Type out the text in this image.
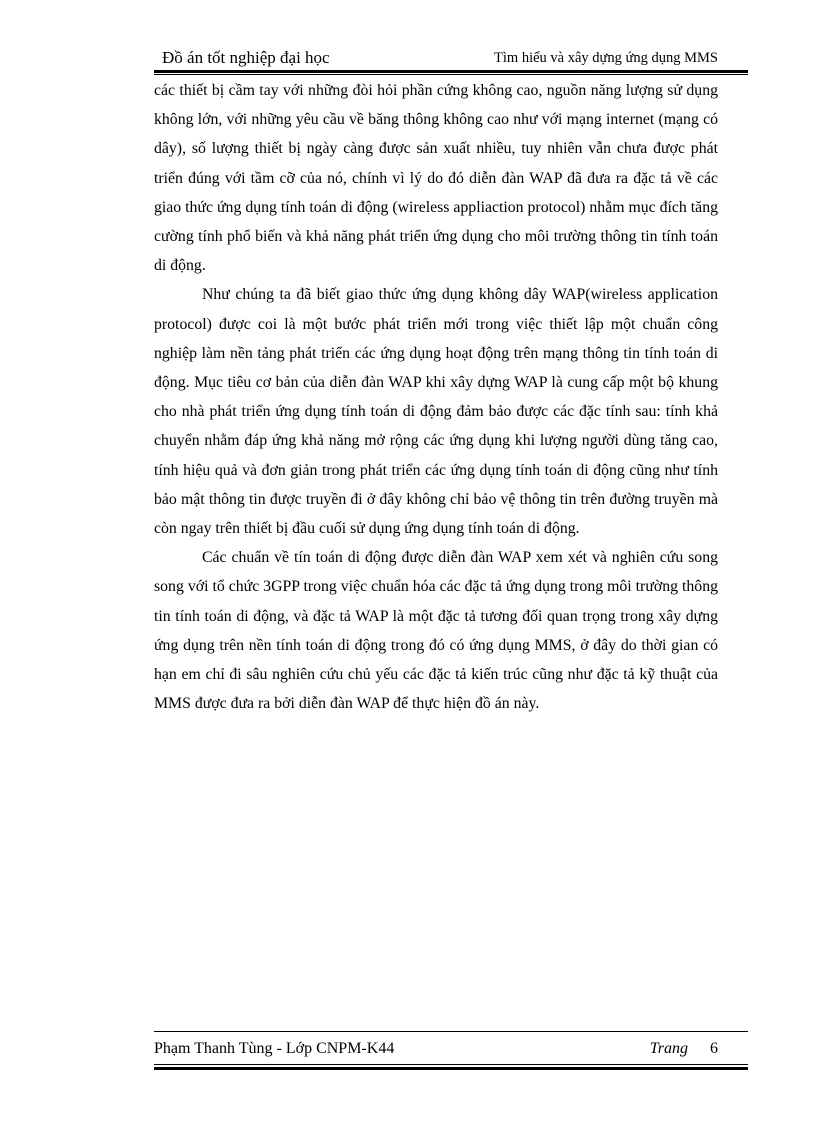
Đồ án tốt nghiệp đại học	Tìm hiểu và xây dựng ứng dụng MMS

các thiết bị cầm tay với những đòi hỏi phần cứng không cao, nguồn năng lượng sử dụng không lớn, với những yêu cầu về băng thông không cao như với mạng internet (mạng có dây), số lượng thiết bị ngày càng được sản xuất nhiều, tuy nhiên vẫn chưa được phát triển đúng với tầm cỡ của nó, chính vì lý do đó diễn đàn WAP đã đưa ra đặc tả về các giao thức ứng dụng tính toán di động (wireless appliaction protocol) nhằm mục đích tăng cường tính phổ biến và khả năng phát triển ứng dụng cho môi trường thông tin tính toán di động.

Như chúng ta đã biết giao thức ứng dụng không dây WAP(wireless application protocol) được coi là một bước phát triển mới trong việc thiết lập một chuẩn công nghiệp làm nền tảng phát triển các ứng dụng hoạt động trên mạng thông tin tính toán di động. Mục tiêu cơ bản của diễn đàn WAP khi xây dựng WAP là cung cấp một bộ khung cho nhà phát triển ứng dụng tính toán di động đảm bảo được các đặc tính sau: tính khả chuyển nhằm đáp ứng khả năng mở rộng các ứng dụng khi lượng người dùng tăng cao, tính hiệu quả và đơn giản trong phát triển các ứng dụng tính toán di động cũng như tính bảo mật thông tin được truyền đi ở đây không chỉ bảo vệ thông tin trên đường truyền mà còn ngay trên thiết bị đầu cuối sử dụng ứng dụng tính toán di động.

Các chuẩn về tín toán di động được diễn đàn WAP xem xét và nghiên cứu song song với tổ chức 3GPP trong việc chuẩn hóa các đặc tả ứng dụng trong môi trường thông tin tính toán di động, và đặc tả WAP là một đặc tả tương đối quan trọng trong xây dựng ứng dụng trên nền tính toán di động trong đó có ứng dụng MMS, ở đây do thời gian có hạn em chỉ đi sâu nghiên cứu chủ yếu các đặc tả kiến trúc cũng như đặc tả kỹ thuật của MMS được đưa ra bởi diễn đàn WAP để thực hiện đồ án này.

Phạm Thanh Tùng - Lớp CNPM-K44	Trang 6
